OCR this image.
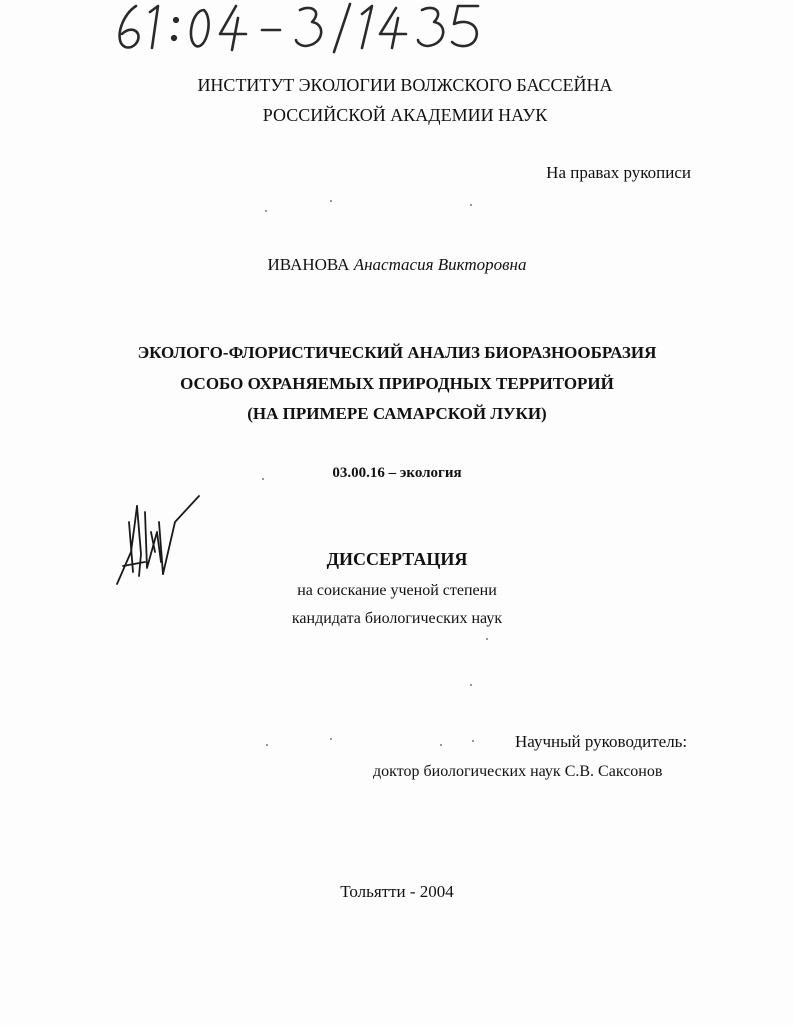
ИНСТИТУТ ЭКОЛОГИИ ВОЛЖСКОГО БАССЕЙНА
РОССИЙСКОЙ АКАДЕМИИ НАУК
На правах рукописи
ИВАНОВА Анастасия Викторовна
ЭКОЛОГО-ФЛОРИСТИЧЕСКИЙ АНАЛИЗ БИОРАЗНООБРАЗИЯ
ОСОБО ОХРАНЯЕМЫХ ПРИРОДНЫХ ТЕРРИТОРИЙ
(НА ПРИМЕРЕ САМАРСКОЙ ЛУКИ)
03.00.16 – экология
ДИССЕРТАЦИЯ
на соискание ученой степени
кандидата биологических наук
Научный руководитель:
доктор биологических наук С.В. Саксонов
Тольятти - 2004
